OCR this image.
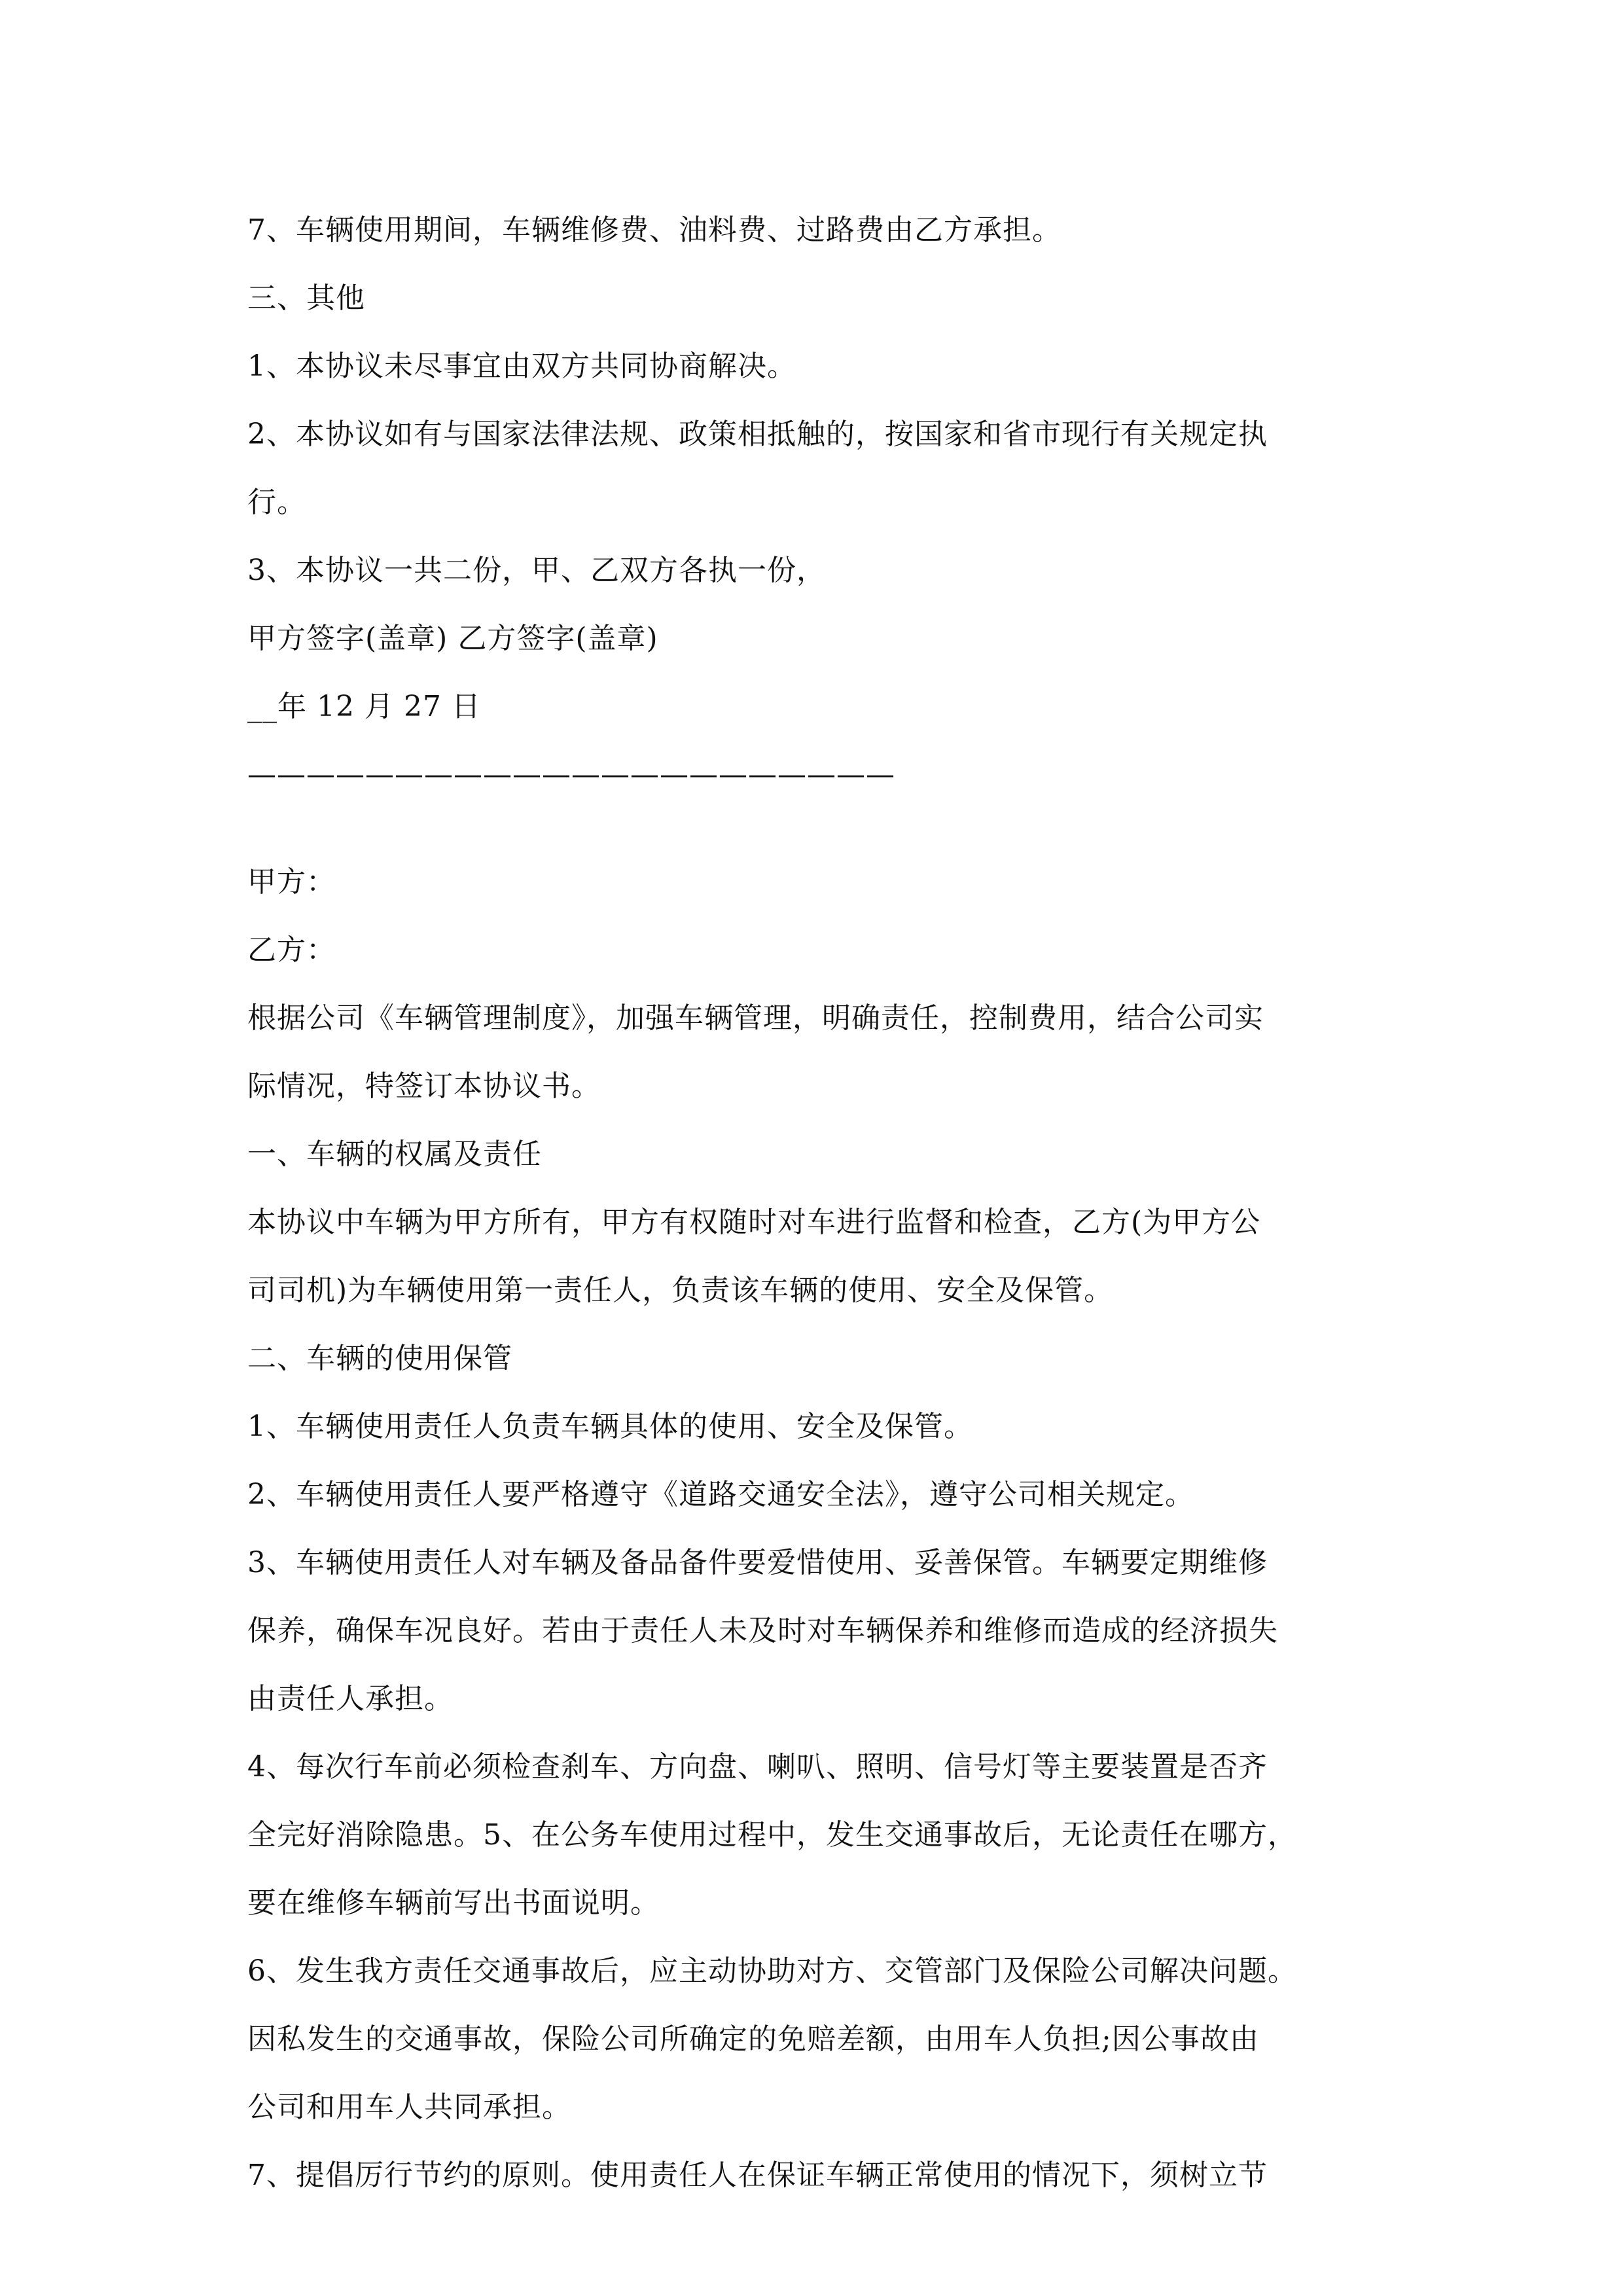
7、车辆使用期间，车辆维修费、油料费、过路费由乙方承担。
三、其他
1、本协议未尽事宜由双方共同协商解决。
2、本协议如有与国家法律法规、政策相抵触的，按国家和省市现行有关规定执
行。
3、本协议一共二份，甲、乙双方各执一份，
甲方签字(盖章) 乙方签字(盖章)
__年 12 月 27 日
——————————————————————
甲方：
乙方：
根据公司《车辆管理制度》，加强车辆管理，明确责任，控制费用，结合公司实
际情况，特签订本协议书。
一、车辆的权属及责任
本协议中车辆为甲方所有，甲方有权随时对车进行监督和检查，乙方(为甲方公
司司机)为车辆使用第一责任人，负责该车辆的使用、安全及保管。
二、车辆的使用保管
1、车辆使用责任人负责车辆具体的使用、安全及保管。
2、车辆使用责任人要严格遵守《道路交通安全法》，遵守公司相关规定。
3、车辆使用责任人对车辆及备品备件要爱惜使用、妥善保管。车辆要定期维修
保养，确保车况良好。若由于责任人未及时对车辆保养和维修而造成的经济损失
由责任人承担。
4、每次行车前必须检查刹车、方向盘、喇叭、照明、信号灯等主要装置是否齐
全完好消除隐患。5、在公务车使用过程中，发生交通事故后，无论责任在哪方，
要在维修车辆前写出书面说明。
6、发生我方责任交通事故后，应主动协助对方、交管部门及保险公司解决问题。
因私发生的交通事故，保险公司所确定的免赔差额，由用车人负担;因公事故由
公司和用车人共同承担。
7、提倡厉行节约的原则。使用责任人在保证车辆正常使用的情况下，须树立节
